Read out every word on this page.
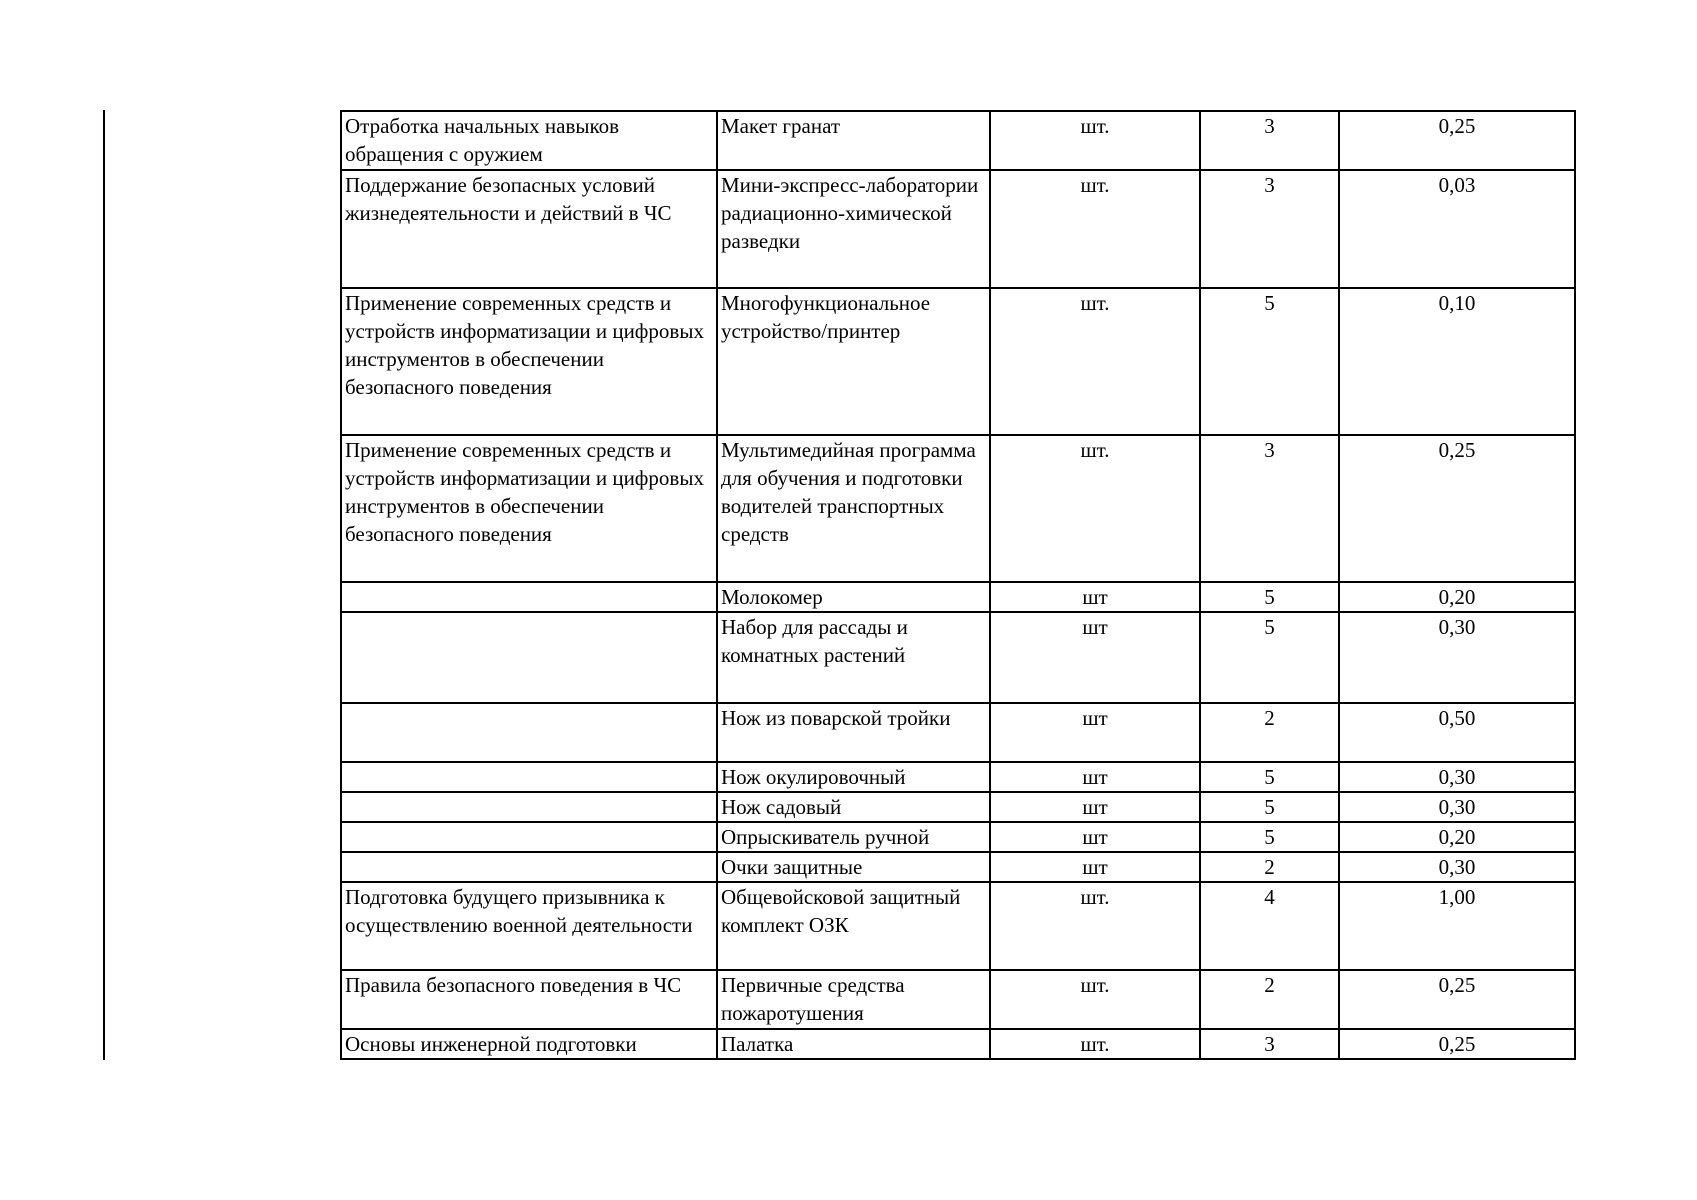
Отработка начальных навыков обращения с оружием	Макет гранат	шт.	3	0,25

Поддержание безопасных условий жизнедеятельности и действий в ЧС	Мини-экспресс-лаборатории радиационно-химической разведки	шт.	3	0,03

Применение современных средств и устройств информатизации и цифровых инструментов в обеспечении безопасного поведения	Многофункциональное устройство/принтер	шт.	5	0,10

Применение современных средств и устройств информатизации и цифровых инструментов в обеспечении безопасного поведения	Мультимедийная программа для обучения и подготовки водителей транспортных средств	шт.	3	0,25

	Молокомер	шт	5	0,20

	Набор для рассады и комнатных растений	шт	5	0,30

	Нож из поварской тройки	шт	2	0,50

	Нож окулировочный	шт	5	0,30

	Нож садовый	шт	5	0,30

	Опрыскиватель ручной	шт	5	0,20

	Очки защитные	шт	2	0,30

Подготовка будущего призывника к осуществлению военной деятельности	Общевойсковой защитный комплект ОЗК	шт.	4	1,00

Правила безопасного поведения в ЧС	Первичные средства пожаротушения	шт.	2	0,25

Основы инженерной подготовки	Палатка	шт.	3	0,25
